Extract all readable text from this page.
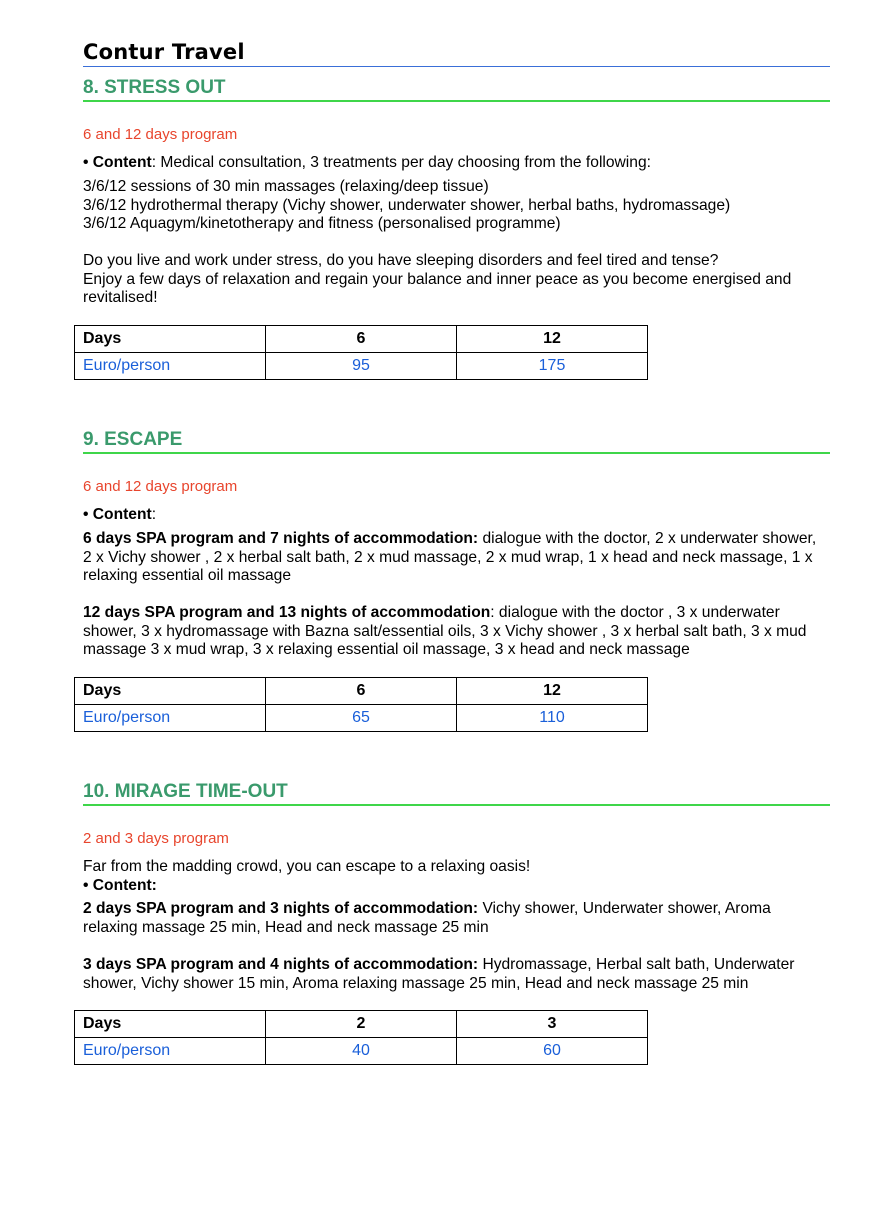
Contur Travel
8. STRESS OUT
6 and 12 days program
• Content: Medical consultation, 3 treatments per day choosing from the following:
3/6/12 sessions of 30 min massages (relaxing/deep tissue)
3/6/12 hydrothermal therapy (Vichy shower, underwater shower, herbal baths, hydromassage)
3/6/12 Aquagym/kinetotherapy and fitness (personalised programme)
Do you live and work under stress, do you have sleeping disorders and feel tired and tense?
Enjoy a few days of relaxation and regain your balance and inner peace as you become energised and revitalised!
Days	6	12
Euro/person	95	175
9. ESCAPE
6 and 12 days program
• Content:
6 days SPA program and 7 nights of accommodation: dialogue with the doctor, 2 x underwater shower, 2 x Vichy shower , 2 x herbal salt bath, 2 x mud massage, 2 x mud wrap, 1 x head and neck massage, 1 x relaxing essential oil massage
12 days SPA program and 13 nights of accommodation: dialogue with the doctor , 3 x underwater shower, 3 x hydromassage with Bazna salt/essential oils, 3 x Vichy shower , 3 x herbal salt bath, 3 x mud massage 3 x mud wrap, 3 x relaxing essential oil massage, 3 x head and neck massage
Days	6	12
Euro/person	65	110
10. MIRAGE TIME-OUT
2 and 3 days program
Far from the madding crowd, you can escape to a relaxing oasis!
• Content:
2 days SPA program and 3 nights of accommodation: Vichy shower, Underwater shower, Aroma relaxing massage 25 min, Head and neck massage 25 min
3 days SPA program and 4 nights of accommodation: Hydromassage, Herbal salt bath, Underwater shower, Vichy shower 15 min, Aroma relaxing massage 25 min, Head and neck massage 25 min
Days	2	3
Euro/person	40	60
